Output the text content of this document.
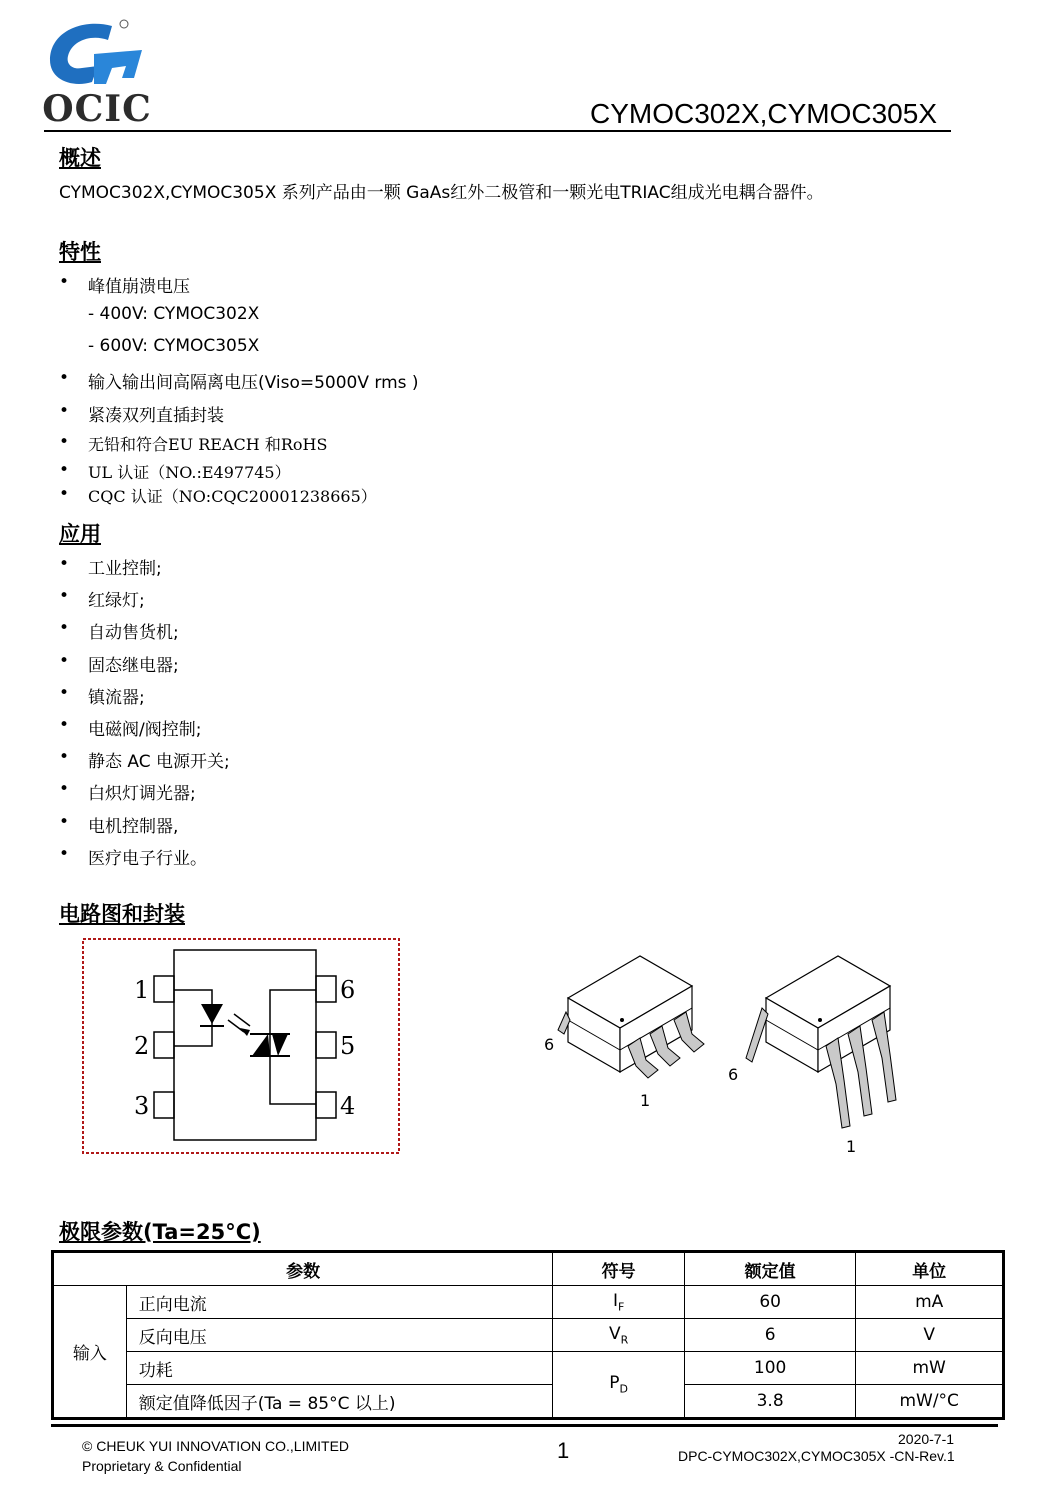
OCIC	CYMOC302X,CYMOC305X
概述
CYMOC302X,CYMOC305X 系列产品由一颗 GaAs红外二极管和一颗光电TRIAC组成光电耦合器件。
特性
• 峰值崩溃电压
• 输入输出间高隔离电压(Viso=5000V rms )
• 紧凑双列直插封装
• 无铅和符合EU REACH 和RoHS
• UL 认证（NO.:E497745）
• CQC 认证（NO:CQC20001238665）
- 400V: CYMOC302X
- 600V: CYMOC305X
应用
• 工业控制;
• 红绿灯;
• 自动售货机;
• 固态继电器;
• 镇流器;
• 电磁阀/阀控制;
• 静态 AC 电源开关;
• 白炽灯调光器;
• 电机控制器,
• 医疗电子行业。
电路图和封装
1
2
3
6
5
4
6
1
6
1
极限参数(Ta=25°C)
参数		符号	额定值	单位
输入	正向电流	$I_F$	60	mA
	反向电压	$V_R$	6	V
	功耗	$P_D$	100	mW
	额定值降低因子(Ta = 85°C 以上)		3.8	mW/°C
© CHEUK YUI INNOVATION CO.,LIMITED
Proprietary & Confidential
1	2020-7-1
DPC-CYMOC302X,CYMOC305X -CN-Rev.1
